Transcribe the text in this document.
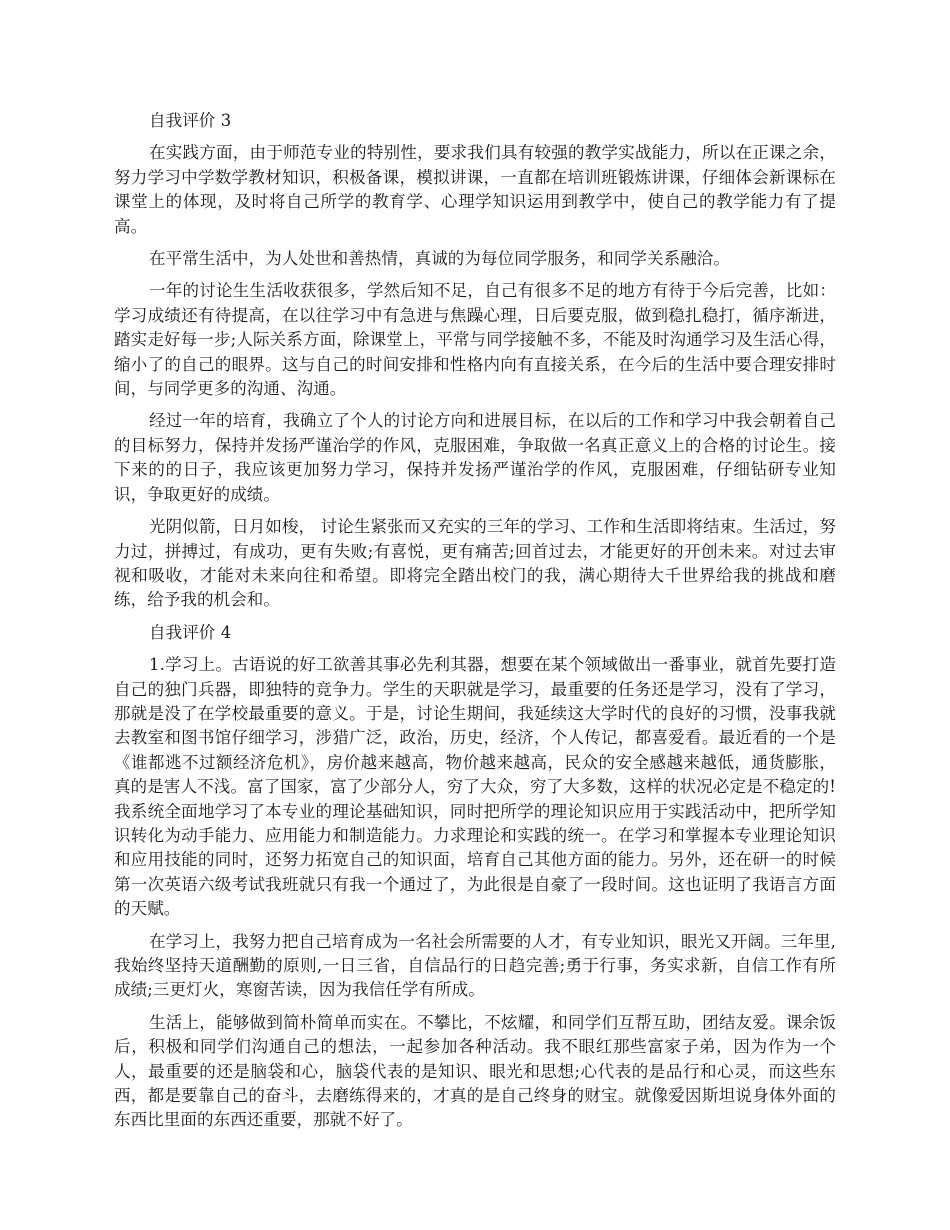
自我评价 3

在实践方面，由于师范专业的特别性，要求我们具有较强的教学实战能力，所以在正课之余，努力学习中学数学教材知识，积极备课，模拟讲课，一直都在培训班锻炼讲课，仔细体会新课标在课堂上的体现，及时将自己所学的教育学、心理学知识运用到教学中，使自己的教学能力有了提高。

在平常生活中，为人处世和善热情，真诚的为每位同学服务，和同学关系融洽。

一年的讨论生生活收获很多，学然后知不足，自己有很多不足的地方有待于今后完善，比如：学习成绩还有待提高，在以往学习中有急进与焦躁心理，日后要克服，做到稳扎稳打，循序渐进，踏实走好每一步;人际关系方面，除课堂上，平常与同学接触不多，不能及时沟通学习及生活心得，缩小了的自己的眼界。这与自己的时间安排和性格内向有直接关系，在今后的生活中要合理安排时间，与同学更多的沟通、沟通。

经过一年的培育，我确立了个人的讨论方向和进展目标，在以后的工作和学习中我会朝着自己的目标努力，保持并发扬严谨治学的作风，克服困难，争取做一名真正意义上的合格的讨论生。接下来的的日子，我应该更加努力学习，保持并发扬严谨治学的作风，克服困难，仔细钻研专业知识，争取更好的成绩。

光阴似箭，日月如梭， 讨论生紧张而又充实的三年的学习、工作和生活即将结束。生活过，努力过，拼搏过，有成功，更有失败;有喜悦，更有痛苦;回首过去，才能更好的开创未来。对过去审视和吸收，才能对未来向往和希望。即将完全踏出校门的我，满心期待大千世界给我的挑战和磨练，给予我的机会和。

自我评价 4

1.学习上。古语说的好工欲善其事必先利其器，想要在某个领域做出一番事业，就首先要打造自己的独门兵器，即独特的竞争力。学生的天职就是学习，最重要的任务还是学习，没有了学习，那就是没了在学校最重要的意义。于是，讨论生期间，我延续这大学时代的良好的习惯，没事我就去教室和图书馆仔细学习，涉猎广泛，政治，历史，经济，个人传记，都喜爱看。最近看的一个是《谁都逃不过额经济危机》，房价越来越高，物价越来越高，民众的安全感越来越低，通货膨胀，真的是害人不浅。富了国家，富了少部分人，穷了大众，穷了大多数，这样的状况必定是不稳定的!我系统全面地学习了本专业的理论基础知识，同时把所学的理论知识应用于实践活动中，把所学知识转化为动手能力、应用能力和制造能力。力求理论和实践的统一。在学习和掌握本专业理论知识和应用技能的同时，还努力拓宽自己的知识面，培育自己其他方面的能力。另外，还在研一的时候第一次英语六级考试我班就只有我一个通过了，为此很是自豪了一段时间。这也证明了我语言方面的天赋。

在学习上，我努力把自己培育成为一名社会所需要的人才，有专业知识，眼光又开阔。三年里,我始终坚持天道酬勤的原则,一日三省，自信品行的日趋完善;勇于行事，务实求新，自信工作有所成绩;三更灯火，寒窗苦读，因为我信任学有所成。

生活上，能够做到简朴简单而实在。不攀比，不炫耀，和同学们互帮互助，团结友爱。课余饭后，积极和同学们沟通自己的想法，一起参加各种活动。我不眼红那些富家子弟，因为作为一个人，最重要的还是脑袋和心，脑袋代表的是知识、眼光和思想;心代表的是品行和心灵，而这些东西，都是要靠自己的奋斗，去磨练得来的，才真的是自己终身的财宝。就像爱因斯坦说身体外面的东西比里面的东西还重要，那就不好了。
